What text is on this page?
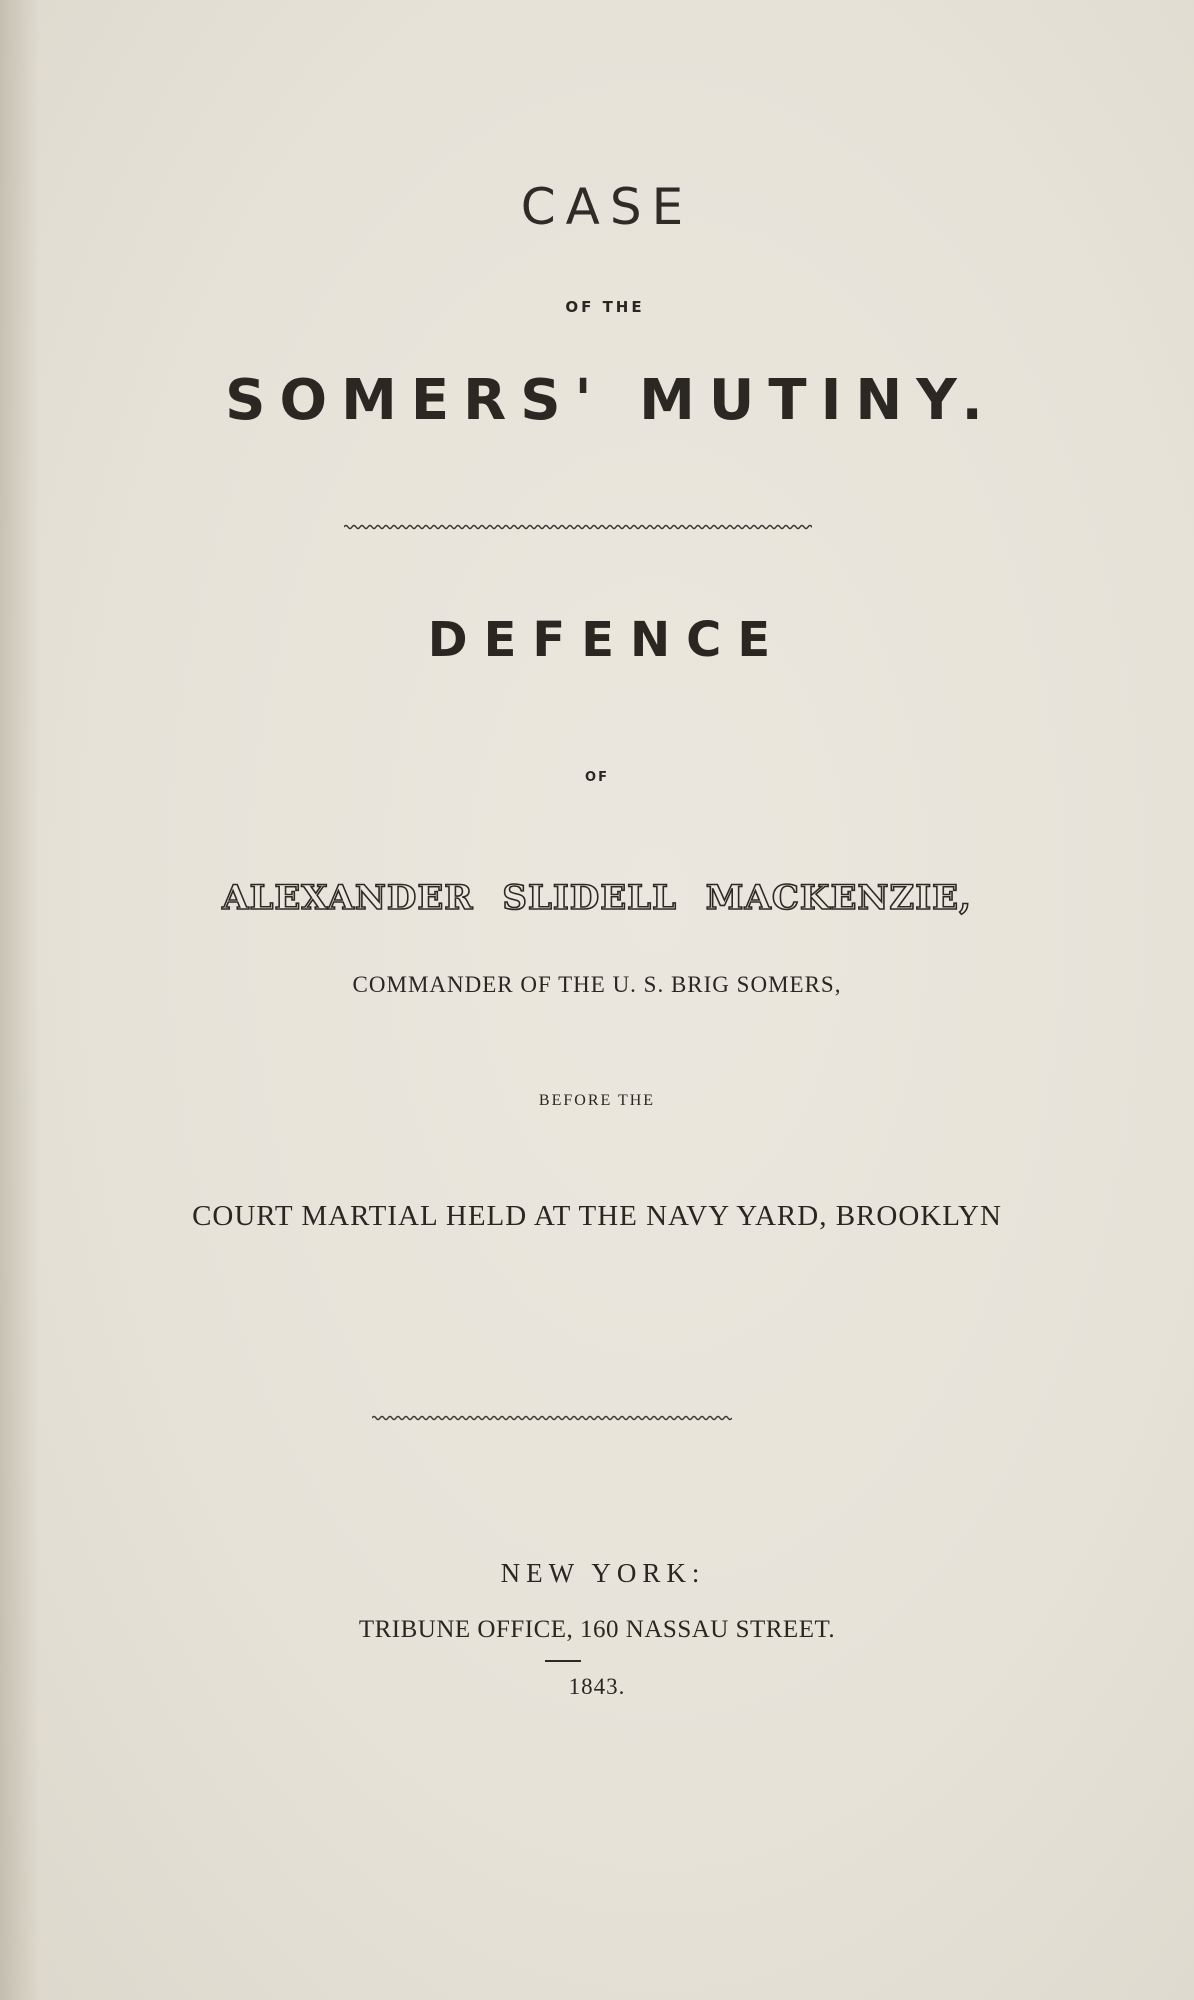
CASE
OF THE
SOMERS' MUTINY.
DEFENCE
OF
ALEXANDER SLIDELL MACKENZIE,
COMMANDER OF THE U. S. BRIG SOMERS,
BEFORE THE
COURT MARTIAL HELD AT THE NAVY YARD, BROOKLYN
NEW YORK:
TRIBUNE OFFICE, 160 NASSAU STREET.
1843.
